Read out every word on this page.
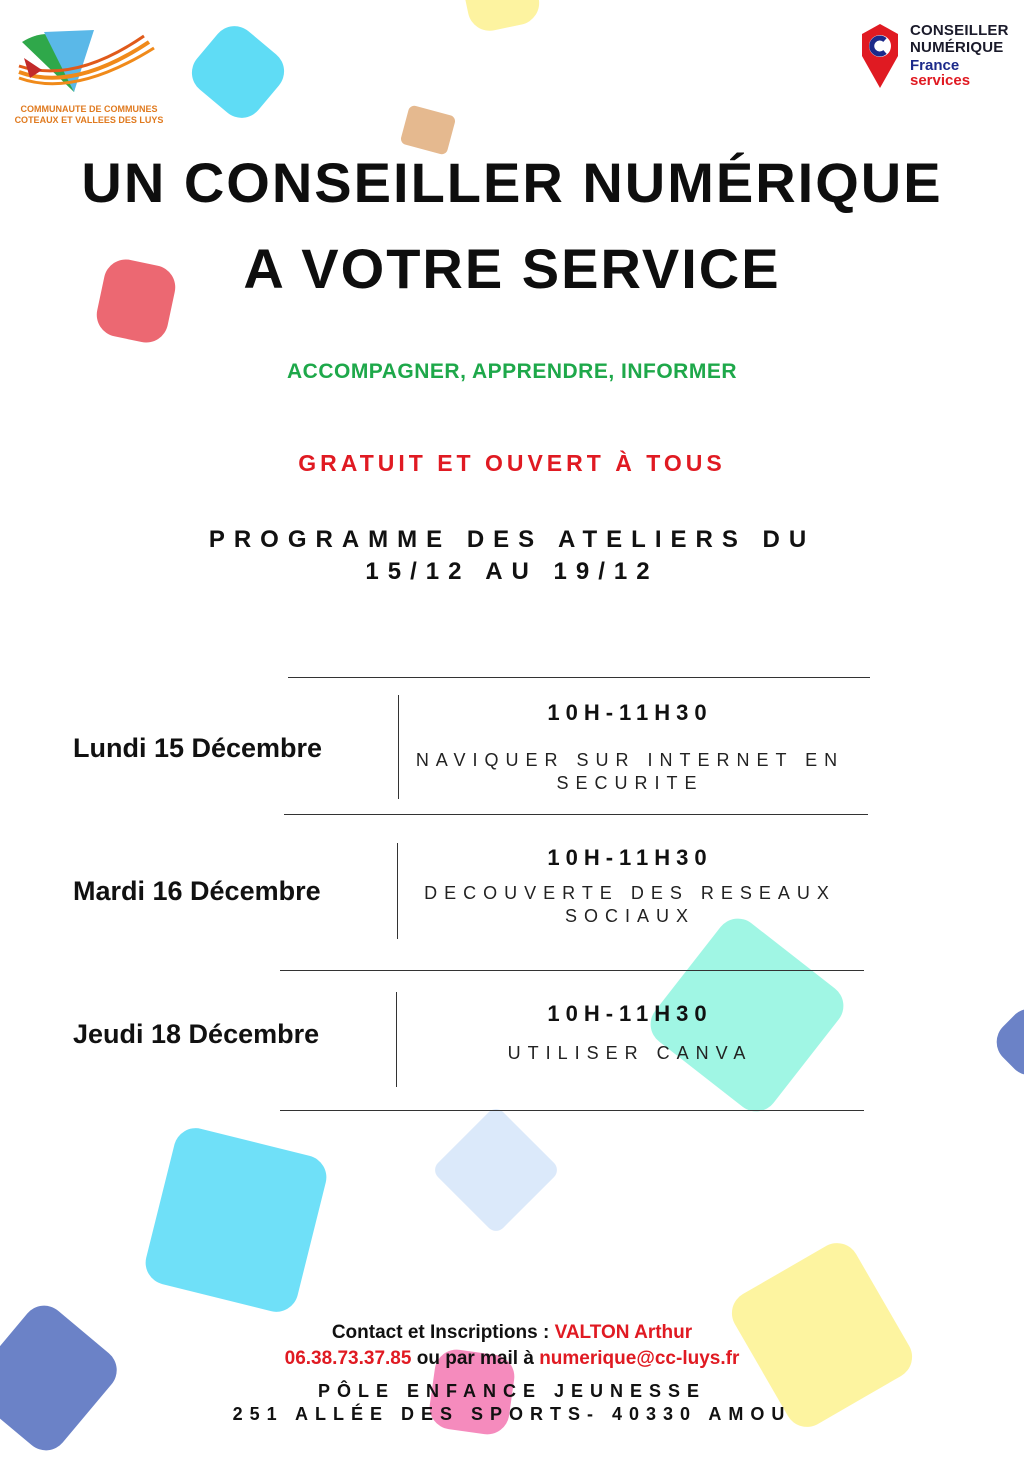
COMMUNAUTE DE COMMUNES
COTEAUX ET VALLEES DES LUYS
CONSEILLER
NUMÉRIQUE
France
services
UN CONSEILLER NUMÉRIQUE
A VOTRE SERVICE
ACCOMPAGNER, APPRENDRE, INFORMER
GRATUIT ET OUVERT À TOUS
PROGRAMME DES ATELIERS DU
15/12 AU 19/12
Lundi 15 Décembre
10H-11H30
NAVIQUER SUR INTERNET EN
SECURITE
Mardi 16 Décembre
10H-11H30
DECOUVERTE DES RESEAUX
SOCIAUX
Jeudi 18 Décembre
10H-11H30
UTILISER CANVA
Contact et Inscriptions : VALTON Arthur
06.38.73.37.85 ou par mail à numerique@cc-luys.fr
PÔLE ENFANCE JEUNESSE
251 ALLÉE DES SPORTS- 40330 AMOU
